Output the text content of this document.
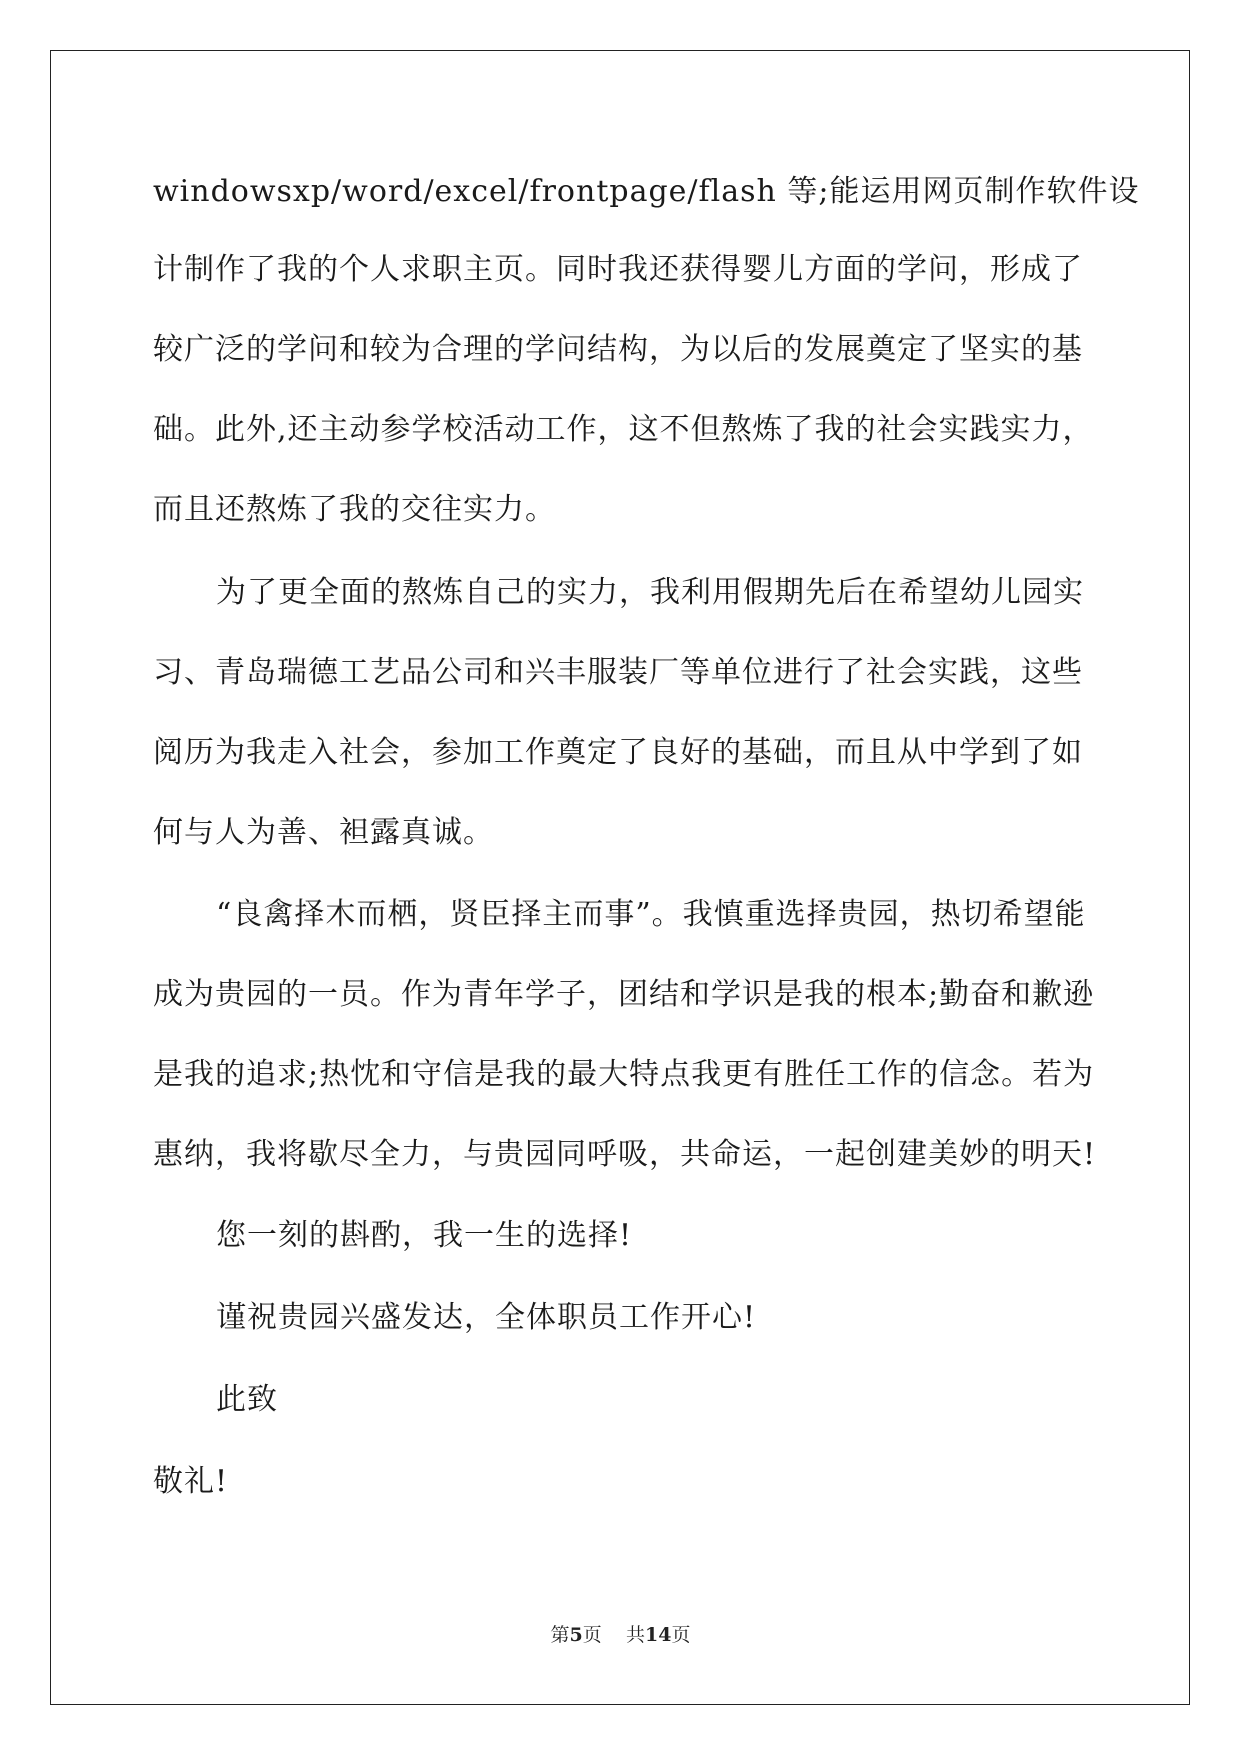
windowsxp/word/excel/frontpage/flash 等;能运用网页制作软件设
计制作了我的个人求职主页。同时我还获得婴儿方面的学问，形成了
较广泛的学问和较为合理的学问结构，为以后的发展奠定了坚实的基
础。此外,还主动参学校活动工作，这不但熬炼了我的社会实践实力，
而且还熬炼了我的交往实力。
为了更全面的熬炼自己的实力，我利用假期先后在希望幼儿园实
习、青岛瑞德工艺品公司和兴丰服装厂等单位进行了社会实践，这些
阅历为我走入社会，参加工作奠定了良好的基础，而且从中学到了如
何与人为善、袒露真诚。
“良禽择木而栖，贤臣择主而事”。我慎重选择贵园，热切希望能
成为贵园的一员。作为青年学子，团结和学识是我的根本;勤奋和歉逊
是我的追求;热忱和守信是我的最大特点我更有胜任工作的信念。若为
惠纳，我将歇尽全力，与贵园同呼吸，共命运，一起创建美妙的明天!
您一刻的斟酌，我一生的选择!
谨祝贵园兴盛发达，全体职员工作开心!
此致
敬礼!
第5页 共14页
